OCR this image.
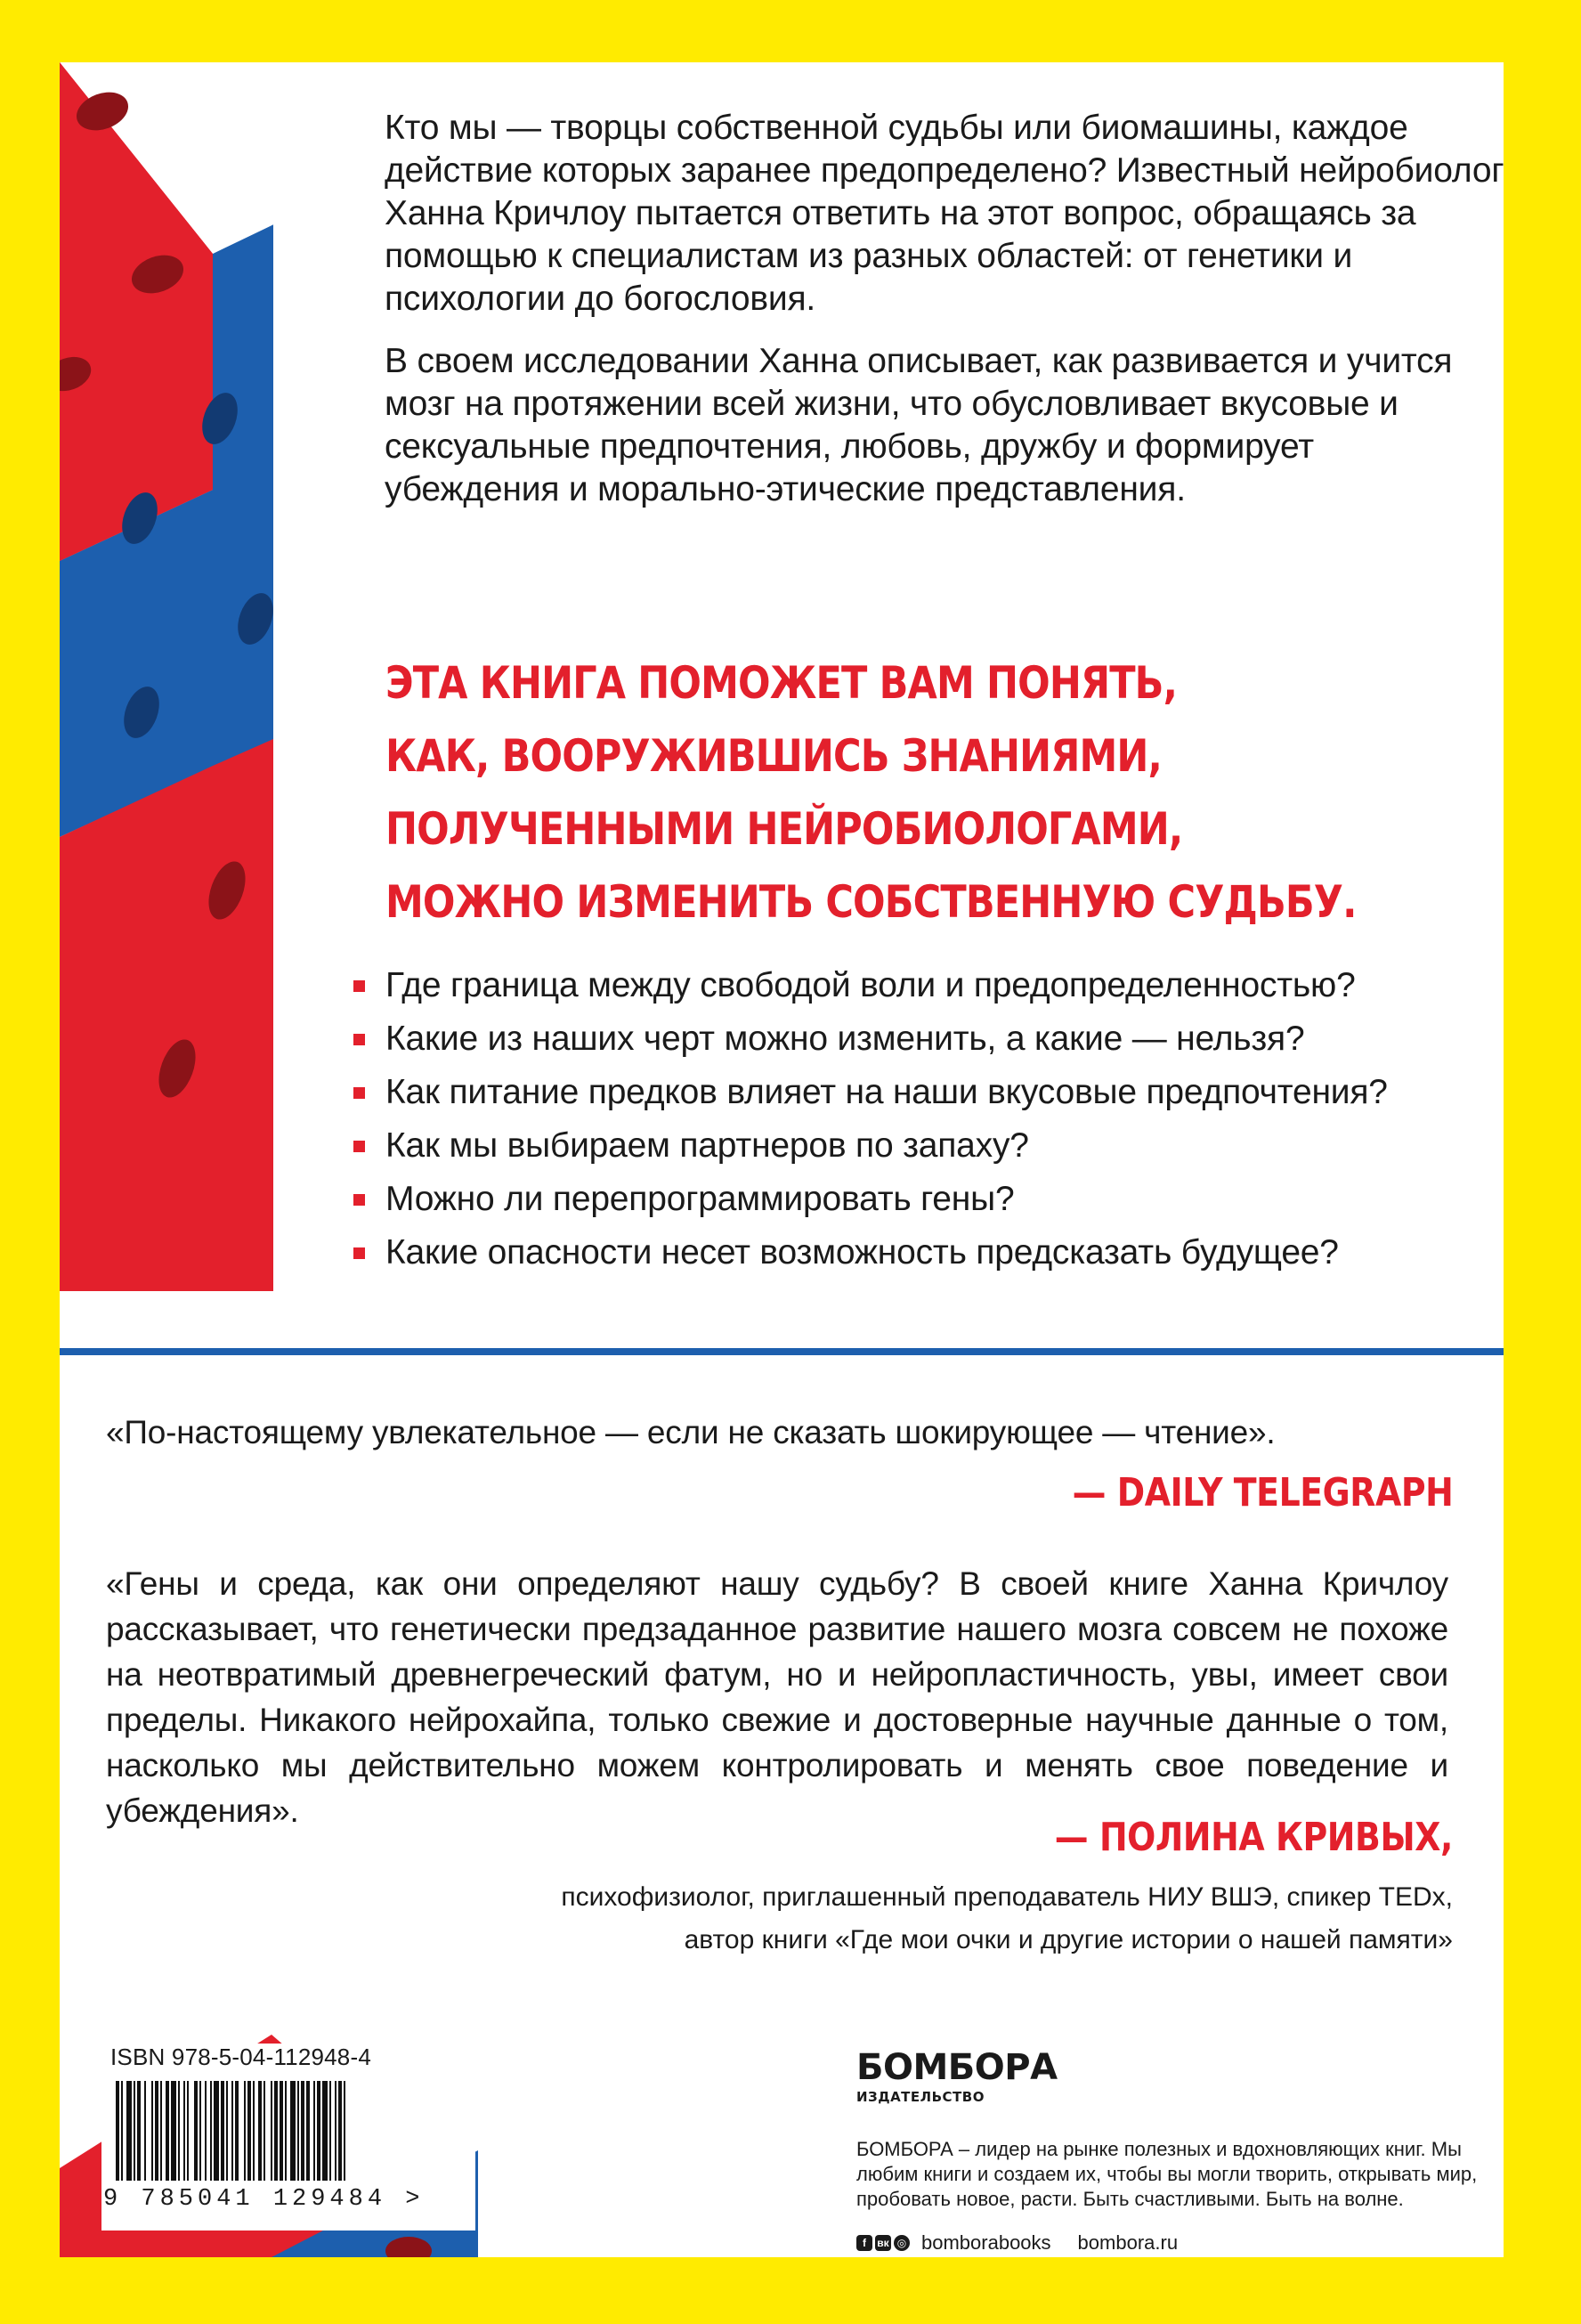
Кто мы — творцы собственной судьбы или биомашины, каждое действие которых заранее предопределено? Известный нейробиолог Ханна Кричлоу пытается ответить на этот вопрос, обращаясь за помощью к специалистам из разных областей: от генетики и психологии до богословия.

В своем исследовании Ханна описывает, как развивается и учится мозг на протяжении всей жизни, что обусловливает вкусовые и сексуальные предпочтения, любовь, дружбу и формирует убеждения и морально-этические представления.

ЭТА КНИГА ПОМОЖЕТ ВАМ ПОНЯТЬ,
КАК, ВООРУЖИВШИСЬ ЗНАНИЯМИ,
ПОЛУЧЕННЫМИ НЕЙРОБИОЛОГАМИ,
МОЖНО ИЗМЕНИТЬ СОБСТВЕННУЮ СУДЬБУ.
Где граница между свободой воли и предопределенностью?
Какие из наших черт можно изменить, а какие — нельзя?
Как питание предков влияет на наши вкусовые предпочтения?
Как мы выбираем партнеров по запаху?
Можно ли перепрограммировать гены?
Какие опасности несет возможность предсказать будущее?
«По-настоящему увлекательное — если не сказать шокирующее — чтение».
— DAILY TELEGRAPH
«Гены и среда, как они определяют нашу судьбу? В своей книге Ханна Кричлоу рассказывает, что генетически предзаданное развитие нашего мозга совсем не похоже на неотвратимый древнегреческий фатум, но и нейропластичность, увы, имеет свои пределы. Никакого нейрохайпа, только свежие и достоверные научные данные о том, насколько мы действительно можем контролировать и менять свое поведение и убеждения».
— ПОЛИНА КРИВЫХ,
психофизиолог, приглашенный преподаватель НИУ ВШЭ, спикер TEDx,
автор книги «Где мои очки и другие истории о нашей памяти»
ISBN 978-5-04-112948-4
9 785041 129484 >
БОМБОРА
ИЗДАТЕЛЬСТВО
БОМБОРА – лидер на рынке полезных и вдохновляющих книг. Мы любим книги и создаем их, чтобы вы могли творить, открывать мир, пробовать новое, расти. Быть счастливыми. Быть на волне.
f	вк ◎ bomborabooks bombora.ru
